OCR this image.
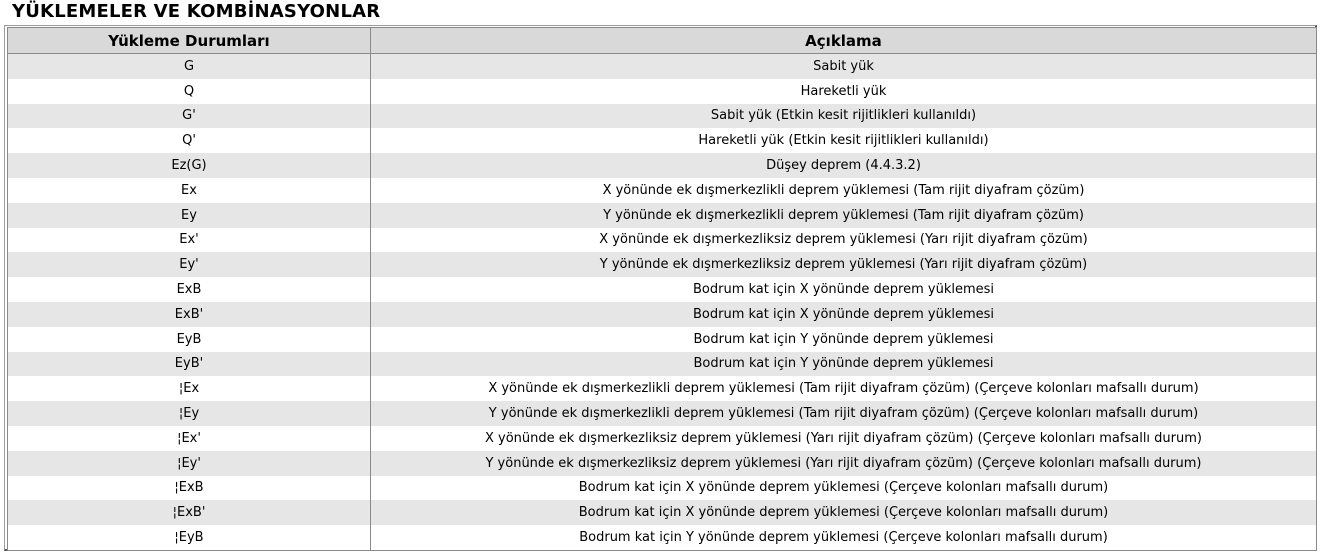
YÜKLEMELER VE KOMBİNASYONLAR
Yükleme Durumları	Açıklama
G	Sabit yük
Q	Hareketli yük
G'	Sabit yük (Etkin kesit rijitlikleri kullanıldı)
Q'	Hareketli yük (Etkin kesit rijitlikleri kullanıldı)
Ez(G)	Düşey deprem (4.4.3.2)
Ex	X yönünde ek dışmerkezlikli deprem yüklemesi (Tam rijit diyafram çözüm)
Ey	Y yönünde ek dışmerkezlikli deprem yüklemesi (Tam rijit diyafram çözüm)
Ex'	X yönünde ek dışmerkezliksiz deprem yüklemesi (Yarı rijit diyafram çözüm)
Ey'	Y yönünde ek dışmerkezliksiz deprem yüklemesi (Yarı rijit diyafram çözüm)
ExB	Bodrum kat için X yönünde deprem yüklemesi
ExB'	Bodrum kat için X yönünde deprem yüklemesi
EyB	Bodrum kat için Y yönünde deprem yüklemesi
EyB'	Bodrum kat için Y yönünde deprem yüklemesi
¦Ex	X yönünde ek dışmerkezlikli deprem yüklemesi (Tam rijit diyafram çözüm) (Çerçeve kolonları mafsallı durum)
¦Ey	Y yönünde ek dışmerkezlikli deprem yüklemesi (Tam rijit diyafram çözüm) (Çerçeve kolonları mafsallı durum)
¦Ex'	X yönünde ek dışmerkezliksiz deprem yüklemesi (Yarı rijit diyafram çözüm) (Çerçeve kolonları mafsallı durum)
¦Ey'	Y yönünde ek dışmerkezliksiz deprem yüklemesi (Yarı rijit diyafram çözüm) (Çerçeve kolonları mafsallı durum)
¦ExB	Bodrum kat için X yönünde deprem yüklemesi (Çerçeve kolonları mafsallı durum)
¦ExB'	Bodrum kat için X yönünde deprem yüklemesi (Çerçeve kolonları mafsallı durum)
¦EyB	Bodrum kat için Y yönünde deprem yüklemesi (Çerçeve kolonları mafsallı durum)
